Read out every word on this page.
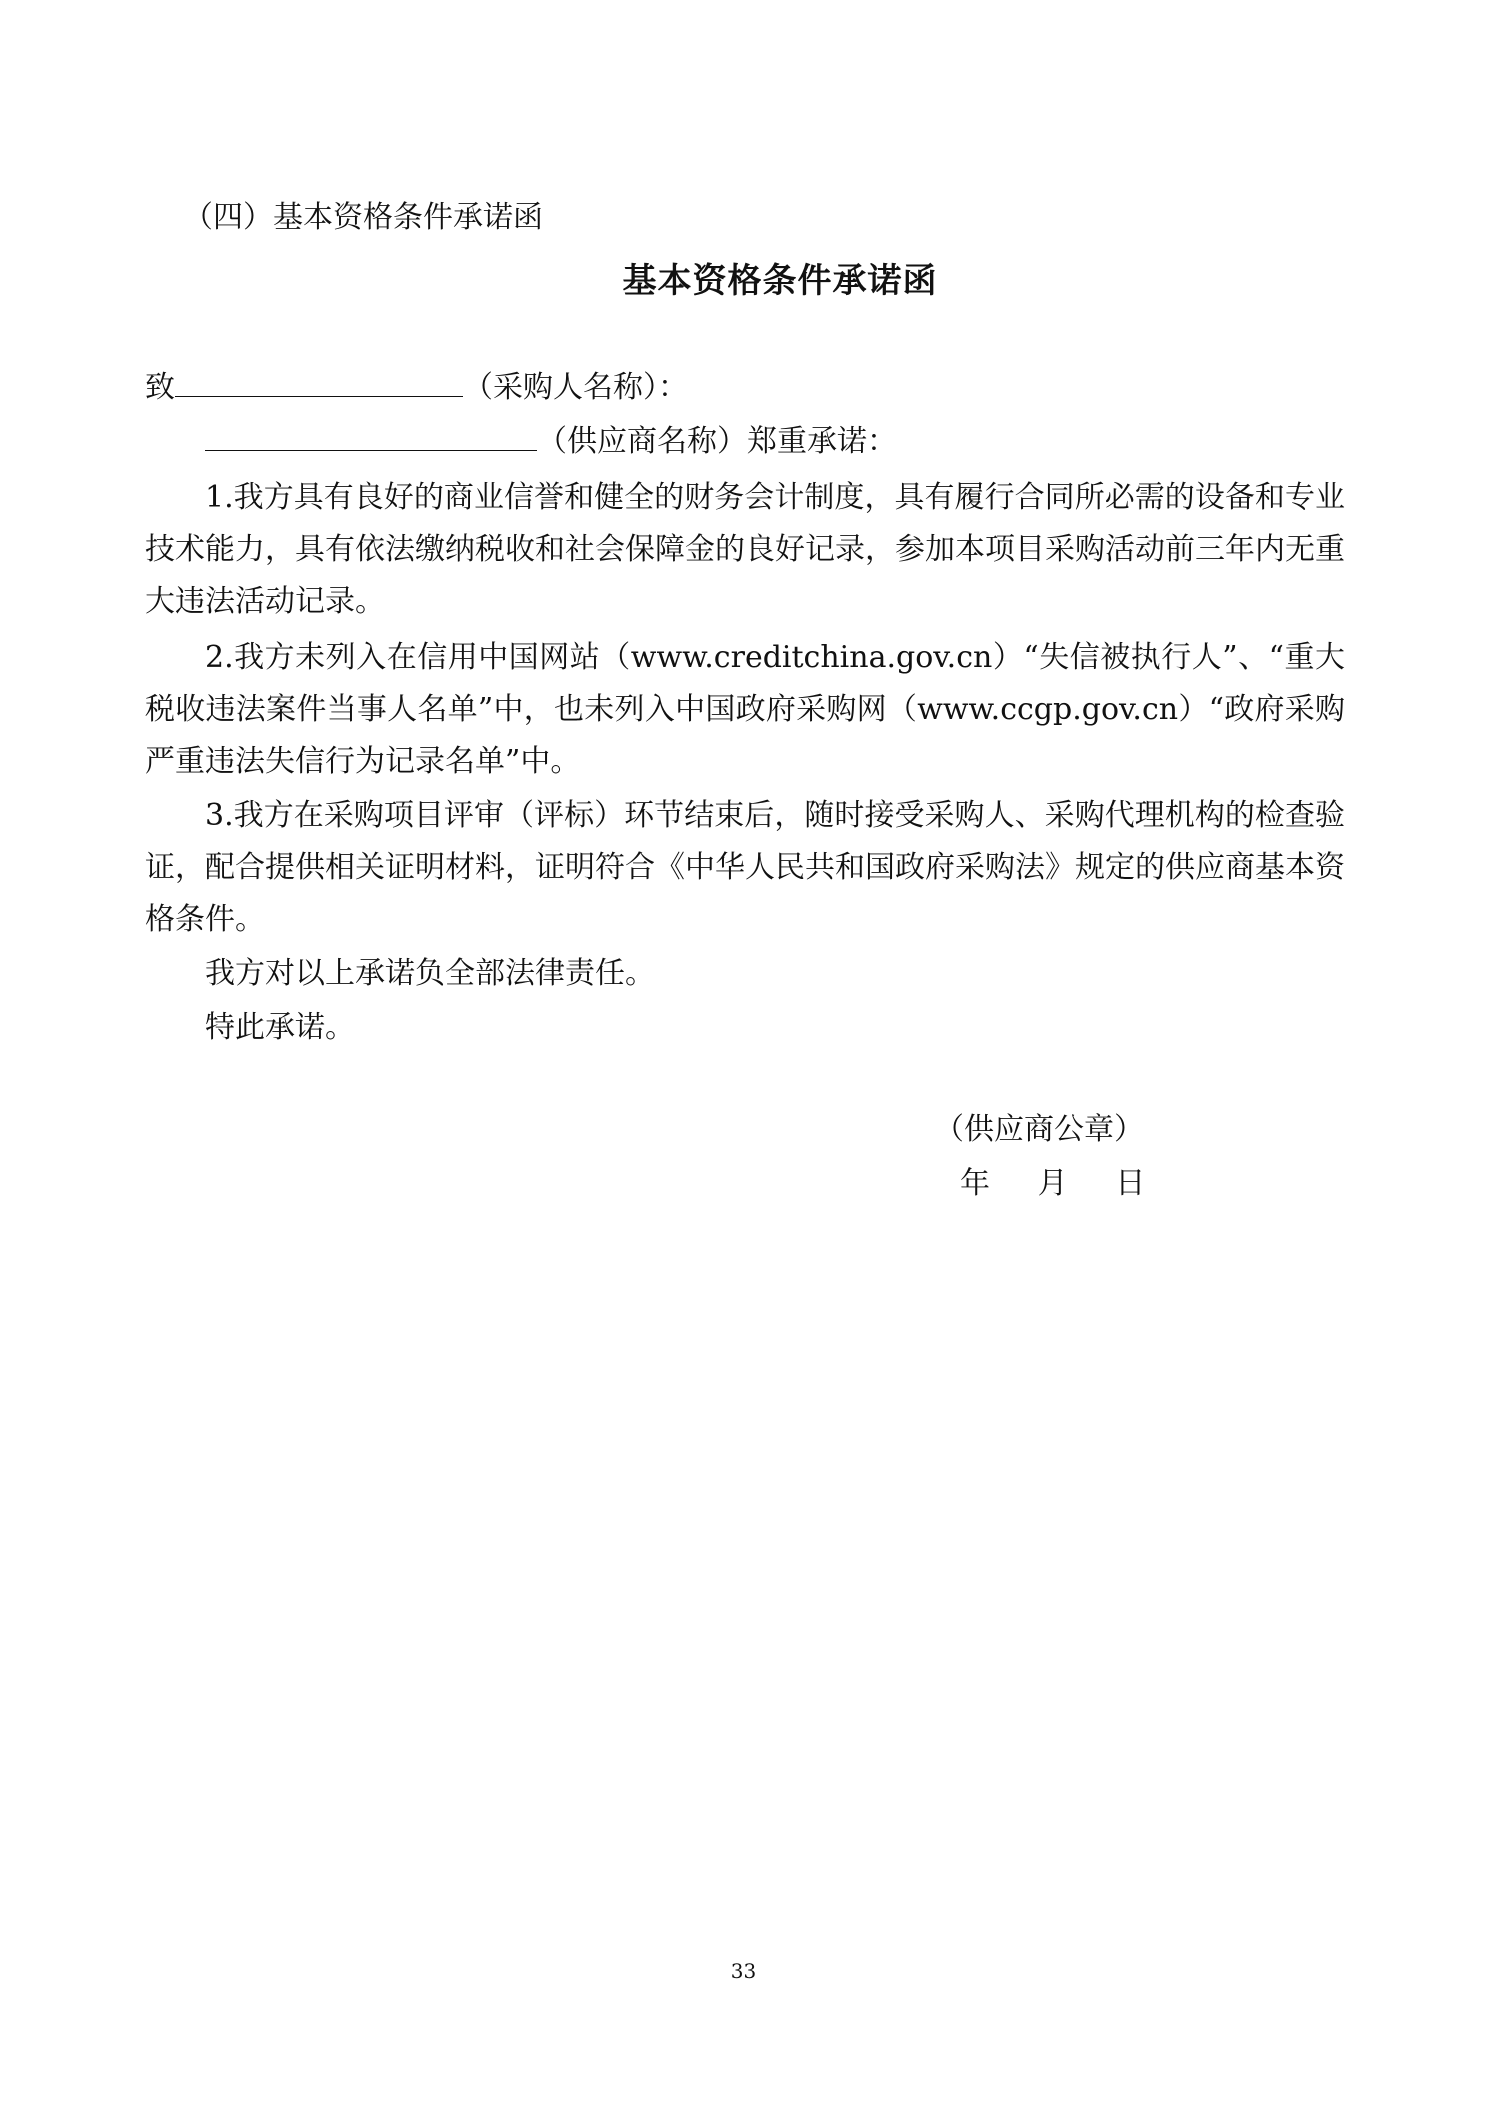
（四）基本资格条件承诺函
基本资格条件承诺函
致	（采购人名称）：
（供应商名称）郑重承诺：
1.我方具有良好的商业信誉和健全的财务会计制度，具有履行合同所必需的设备和专业技术能力，具有依法缴纳税收和社会保障金的良好记录，参加本项目采购活动前三年内无重大违法活动记录。
2.我方未列入在信用中国网站（www.creditchina.gov.cn）“失信被执行人”、“重大税收违法案件当事人名单”中，也未列入中国政府采购网（www.ccgp.gov.cn）“政府采购严重违法失信行为记录名单”中。
3.我方在采购项目评审（评标）环节结束后，随时接受采购人、采购代理机构的检查验证，配合提供相关证明材料，证明符合《中华人民共和国政府采购法》规定的供应商基本资格条件。
我方对以上承诺负全部法律责任。
特此承诺。
（供应商公章）
年     月     日
33
